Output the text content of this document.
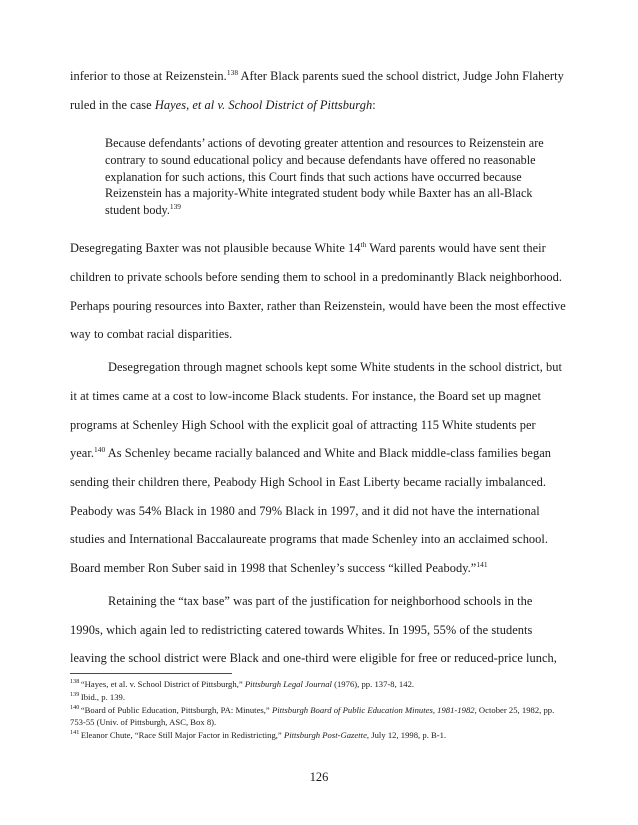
inferior to those at Reizenstein.$^{138}$ After Black parents sued the school district, Judge John Flaherty ruled in the case Hayes, et al v. School District of Pittsburgh:

Because defendants’ actions of devoting greater attention and resources to Reizenstein are contrary to sound educational policy and because defendants have offered no reasonable explanation for such actions, this Court finds that such actions have occurred because Reizenstein has a majority-White integrated student body while Baxter has an all-Black student body.$^{139}$

Desegregating Baxter was not plausible because White 14th Ward parents would have sent their children to private schools before sending them to school in a predominantly Black neighborhood. Perhaps pouring resources into Baxter, rather than Reizenstein, would have been the most effective way to combat racial disparities.

Desegregation through magnet schools kept some White students in the school district, but it at times came at a cost to low-income Black students. For instance, the Board set up magnet programs at Schenley High School with the explicit goal of attracting 115 White students per year.$^{140}$ As Schenley became racially balanced and White and Black middle-class families began sending their children there, Peabody High School in East Liberty became racially imbalanced. Peabody was 54% Black in 1980 and 79% Black in 1997, and it did not have the international studies and International Baccalaureate programs that made Schenley into an acclaimed school. Board member Ron Suber said in 1998 that Schenley’s success “killed Peabody.”$^{141}$

Retaining the “tax base” was part of the justification for neighborhood schools in the 1990s, which again led to redistricting catered towards Whites. In 1995, 55% of the students leaving the school district were Black and one-third were eligible for free or reduced-price lunch,

$^{138}$ “Hayes, et al. v. School District of Pittsburgh,” Pittsburgh Legal Journal (1976), pp. 137-8, 142.

$^{139}$ Ibid., p. 139.

$^{140}$ “Board of Public Education, Pittsburgh, PA: Minutes,” Pittsburgh Board of Public Education Minutes, 1981-1982, October 25, 1982, pp. 753-55 (Univ. of Pittsburgh, ASC, Box 8).

$^{141}$ Eleanor Chute, “Race Still Major Factor in Redistricting,” Pittsburgh Post-Gazette, July 12, 1998, p. B-1.

126
